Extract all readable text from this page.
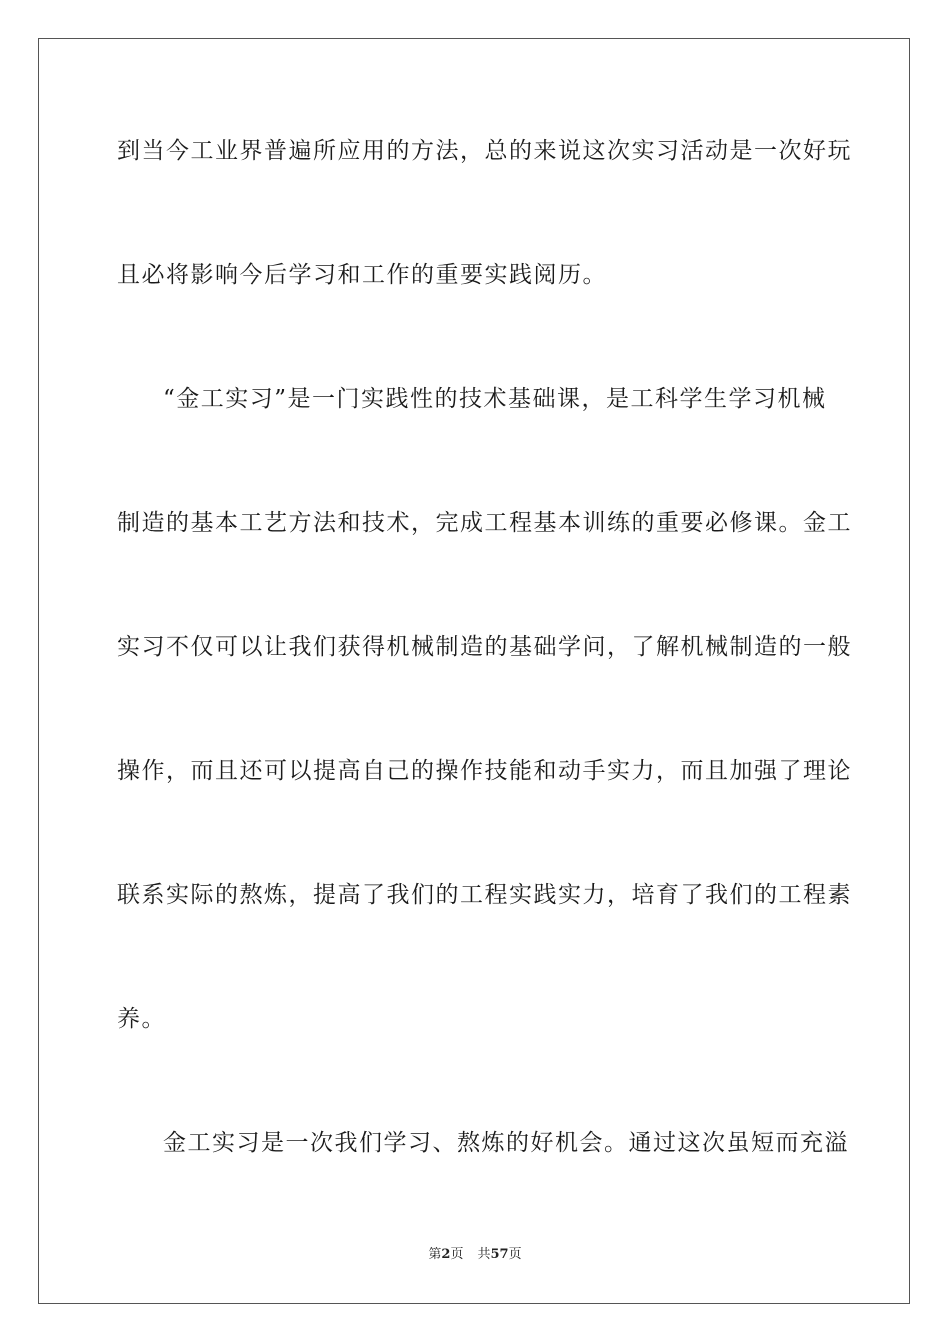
到当今工业界普遍所应用的方法，总的来说这次实习活动是一次好玩
且必将影响今后学习和工作的重要实践阅历。
“金工实习”是一门实践性的技术基础课，是工科学生学习机械
制造的基本工艺方法和技术，完成工程基本训练的重要必修课。金工
实习不仅可以让我们获得机械制造的基础学问，了解机械制造的一般
操作，而且还可以提高自己的操作技能和动手实力，而且加强了理论
联系实际的熬炼，提高了我们的工程实践实力，培育了我们的工程素
养。
金工实习是一次我们学习、熬炼的好机会。通过这次虽短而充溢
第2页 共57页
